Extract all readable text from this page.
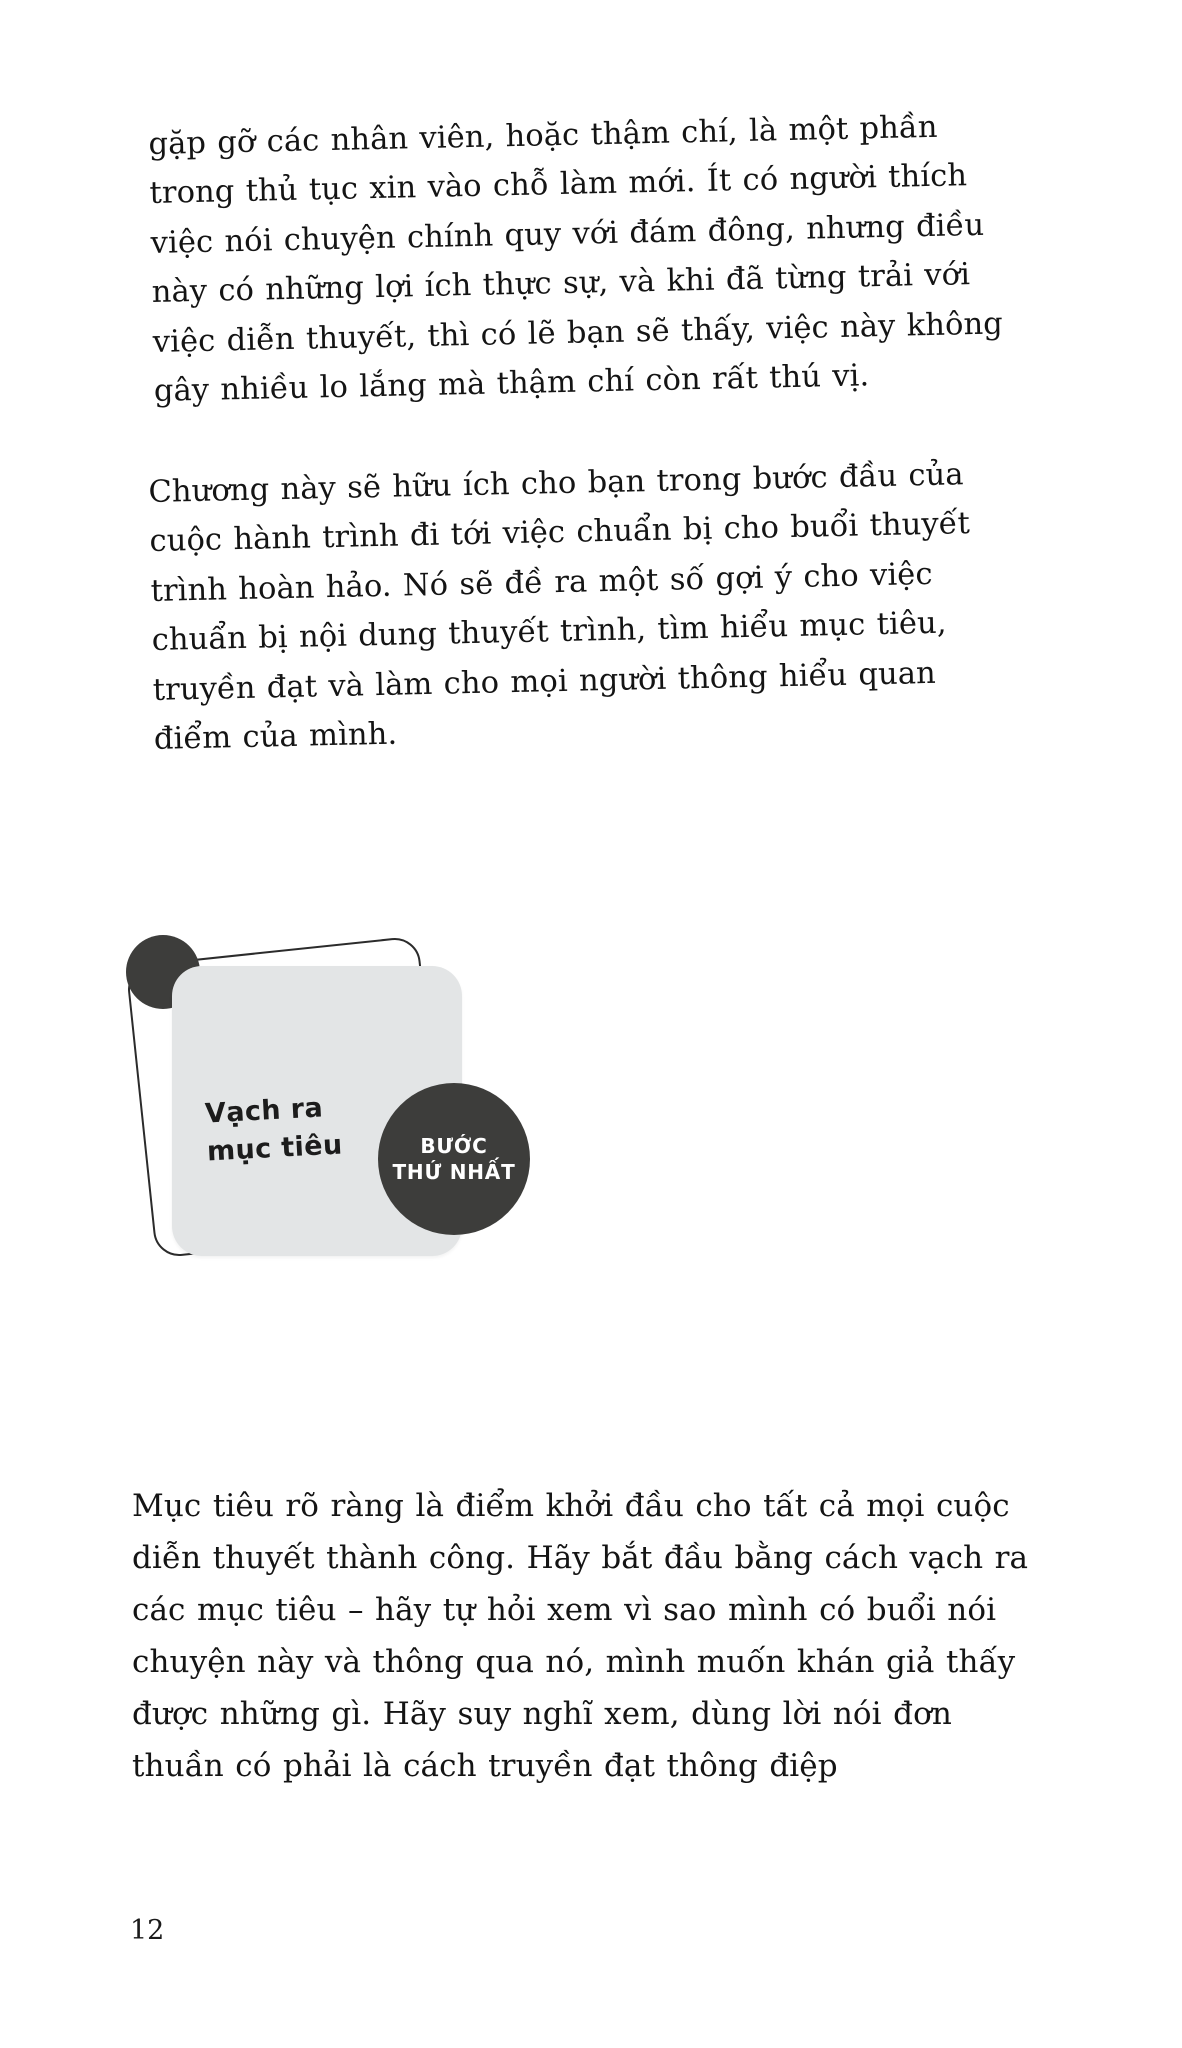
gặp gỡ các nhân viên, hoặc thậm chí, là một phần trong thủ tục xin vào chỗ làm mới. Ít có người thích việc nói chuyện chính quy với đám đông, nhưng điều này có những lợi ích thực sự, và khi đã từng trải với việc diễn thuyết, thì có lẽ bạn sẽ thấy, việc này không gây nhiều lo lắng mà thậm chí còn rất thú vị.

Chương này sẽ hữu ích cho bạn trong bước đầu của cuộc hành trình đi tới việc chuẩn bị cho buổi thuyết trình hoàn hảo. Nó sẽ đề ra một số gợi ý cho việc chuẩn bị nội dung thuyết trình, tìm hiểu mục tiêu, truyền đạt và làm cho mọi người thông hiểu quan điểm của mình.

Vạch ra
mục tiêu	BƯỚC
THỨ NHẤT

Mục tiêu rõ ràng là điểm khởi đầu cho tất cả mọi cuộc diễn thuyết thành công. Hãy bắt đầu bằng cách vạch ra các mục tiêu – hãy tự hỏi xem vì sao mình có buổi nói chuyện này và thông qua nó, mình muốn khán giả thấy được những gì. Hãy suy nghĩ xem, dùng lời nói đơn thuần có phải là cách truyền đạt thông điệp

12
